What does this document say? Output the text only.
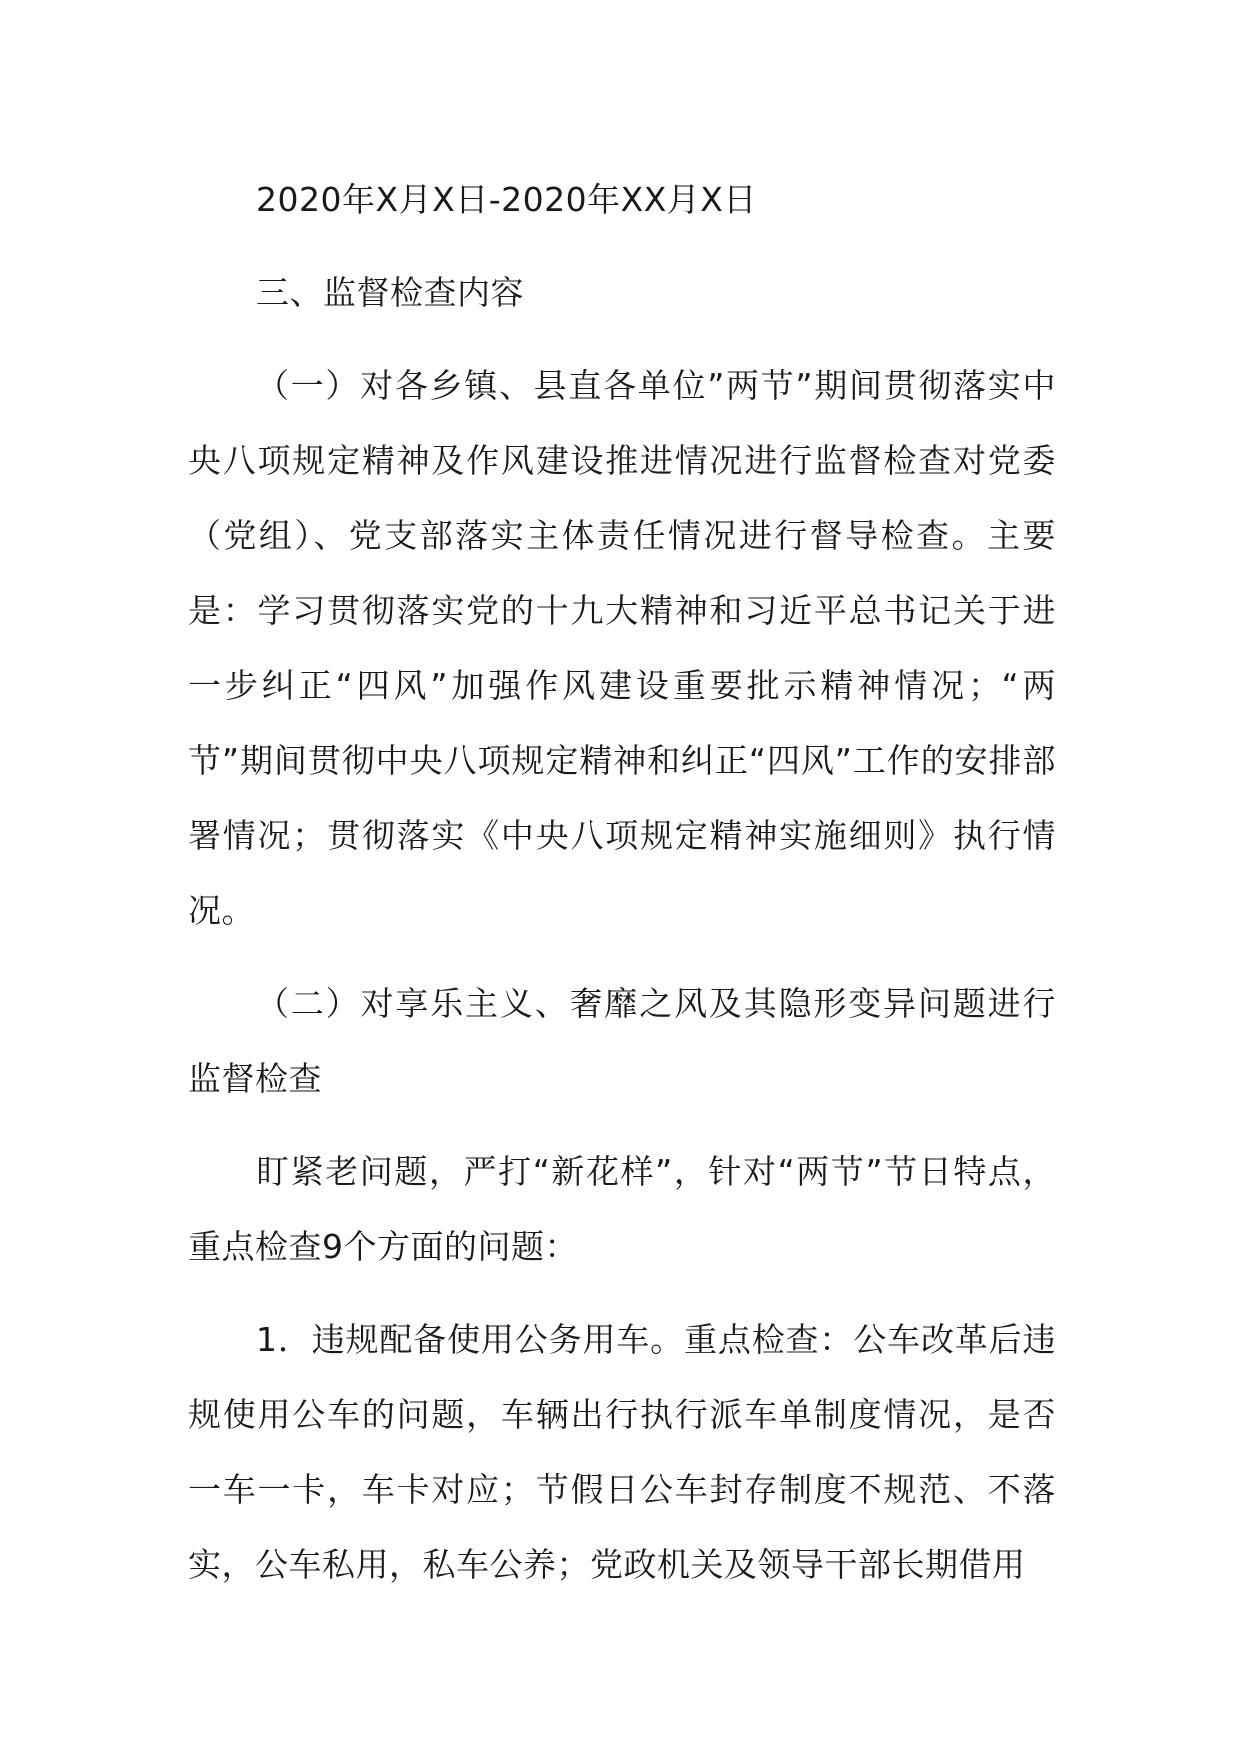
2020年X月X日-2020年XX月X日

三、监督检查内容

（一）对各乡镇、县直各单位”两节”期间贯彻落实中央八项规定精神及作风建设推进情况进行监督检查对党委（党组）、党支部落实主体责任情况进行督导检查。主要是：学习贯彻落实党的十九大精神和习近平总书记关于进一步纠正“四风”加强作风建设重要批示精神情况；“两节”期间贯彻中央八项规定精神和纠正“四风”工作的安排部署情况；贯彻落实《中央八项规定精神实施细则》执行情况。

（二）对享乐主义、奢靡之风及其隐形变异问题进行监督检查

盯紧老问题，严打“新花样”，针对“两节”节日特点，重点检查9个方面的问题：

1．违规配备使用公务用车。重点检查：公车改革后违规使用公车的问题，车辆出行执行派车单制度情况，是否一车一卡，车卡对应；节假日公车封存制度不规范、不落实，公车私用，私车公养；党政机关及领导干部长期借用
